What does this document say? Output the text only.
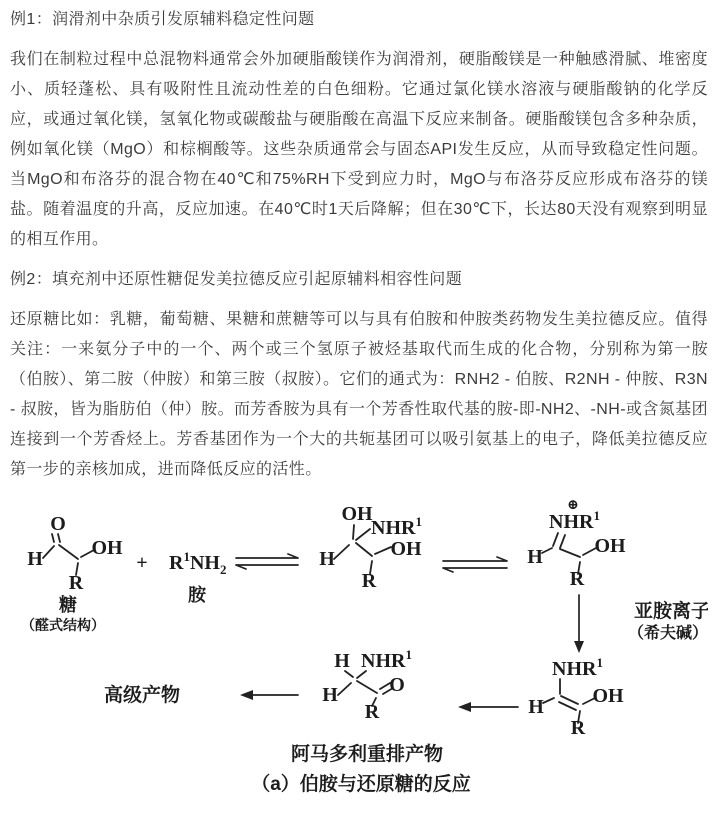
例1：润滑剂中杂质引发原辅料稳定性问题

我们在制粒过程中总混物料通常会外加硬脂酸镁作为润滑剂，硬脂酸镁是一种触感滑腻、堆密度小、质轻蓬松、具有吸附性且流动性差的白色细粉。它通过氯化镁水溶液与硬脂酸钠的化学反应，或通过氧化镁，氢氧化物或碳酸盐与硬脂酸在高温下反应来制备。硬脂酸镁包含多种杂质，例如氧化镁（MgO）和棕榈酸等。这些杂质通常会与固态API发生反应，从而导致稳定性问题。当MgO和布洛芬的混合物在40℃和75%RH下受到应力时，MgO与布洛芬反应形成布洛芬的镁盐。随着温度的升高，反应加速。在40℃时1天后降解；但在30℃下，长达80天没有观察到明显的相互作用。

例2：填充剂中还原性糖促发美拉德反应引起原辅料相容性问题

还原糖比如：乳糖，葡萄糖、果糖和蔗糖等可以与具有伯胺和仲胺类药物发生美拉德反应。值得关注：一来氨分子中的一个、两个或三个氢原子被烃基取代而生成的化合物，分别称为第一胺（伯胺）、第二胺（仲胺）和第三胺（叔胺）。它们的通式为：RNH2 - 伯胺、R2NH - 仲胺、R3N - 叔胺，皆为脂肪伯（仲）胺。而芳香胺为具有一个芳香性取代基的胺-即-NH2、-NH-或含氮基团连接到一个芳香烃上。芳香基团作为一个大的共轭基团可以吸引氨基上的电子，降低美拉德反应第一步的亲核加成，进而降低反应的活性。

O
H OH
R
糖
（醛式结构）
+ $R^1NH_2$
胺
OH
NHR$^1$
H	OH
R
⊕
NHR$^1$
H	OH
R
亚胺离子
（希夫碱）
NHR$^1$
H OH
R
H NHR$^1$
H	O
R
高级产物
阿马多利重排产物
（a）伯胺与还原糖的反应
